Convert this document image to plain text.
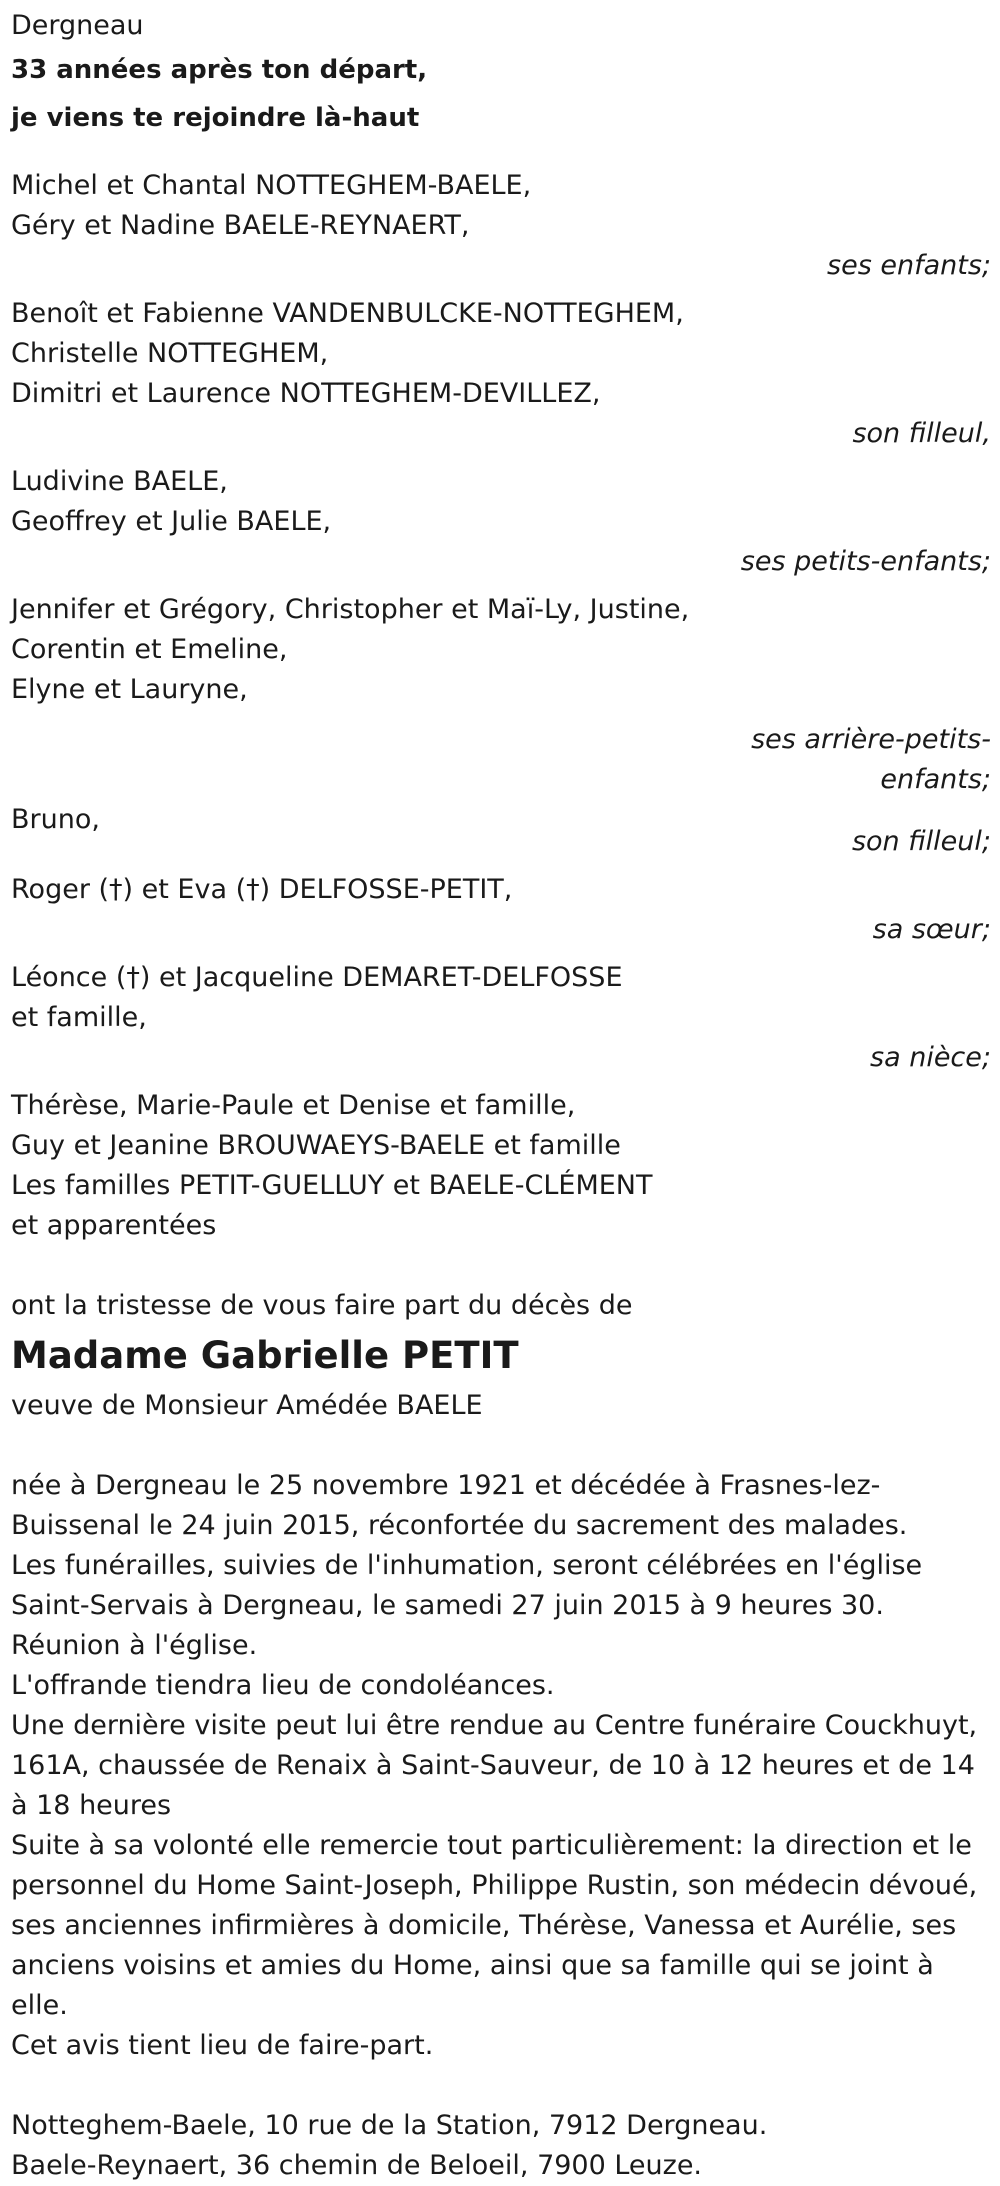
Dergneau

33 années après ton départ,

je viens te rejoindre là-haut

Michel et Chantal NOTTEGHEM-BAELE,

Géry et Nadine BAELE-REYNAERT,

ses enfants;

Benoît et Fabienne VANDENBULCKE-NOTTEGHEM,

Christelle NOTTEGHEM,

Dimitri et Laurence NOTTEGHEM-DEVILLEZ,

son filleul,

Ludivine BAELE,

Geoffrey et Julie BAELE,

ses petits-enfants;

Jennifer et Grégory, Christopher et Maï-Ly, Justine,

Corentin et Emeline,

Elyne et Lauryne,

ses arrière-petits-

enfants;

Bruno,

son filleul;

Roger (†) et Eva (†) DELFOSSE-PETIT,

sa sœur;

Léonce (†) et Jacqueline DEMARET-DELFOSSE

et famille,

sa nièce;

Thérèse, Marie-Paule et Denise et famille,

Guy et Jeanine BROUWAEYS-BAELE et famille

Les familles PETIT-GUELLUY et BAELE-CLÉMENT

et apparentées

ont la tristesse de vous faire part du décès de

Madame Gabrielle PETIT

veuve de Monsieur Amédée BAELE

née à Dergneau le 25 novembre 1921 et décédée à Frasnes-lez-Buissenal le 24 juin 2015, réconfortée du sacrement des malades.

Les funérailles, suivies de l'inhumation, seront célébrées en l'église Saint-Servais à Dergneau, le samedi 27 juin 2015 à 9 heures 30.

Réunion à l'église.

L'offrande tiendra lieu de condoléances.

Une dernière visite peut lui être rendue au Centre funéraire Couckhuyt, 161A, chaussée de Renaix à Saint-Sauveur, de 10 à 12 heures et de 14 à 18 heures

Suite à sa volonté elle remercie tout particulièrement: la direction et le personnel du Home Saint-Joseph, Philippe Rustin, son médecin dévoué, ses anciennes infirmières à domicile, Thérèse, Vanessa et Aurélie, ses anciens voisins et amies du Home, ainsi que sa famille qui se joint à elle.

Cet avis tient lieu de faire-part.

Notteghem-Baele, 10 rue de la Station, 7912 Dergneau.

Baele-Reynaert, 36 chemin de Beloeil, 7900 Leuze.
